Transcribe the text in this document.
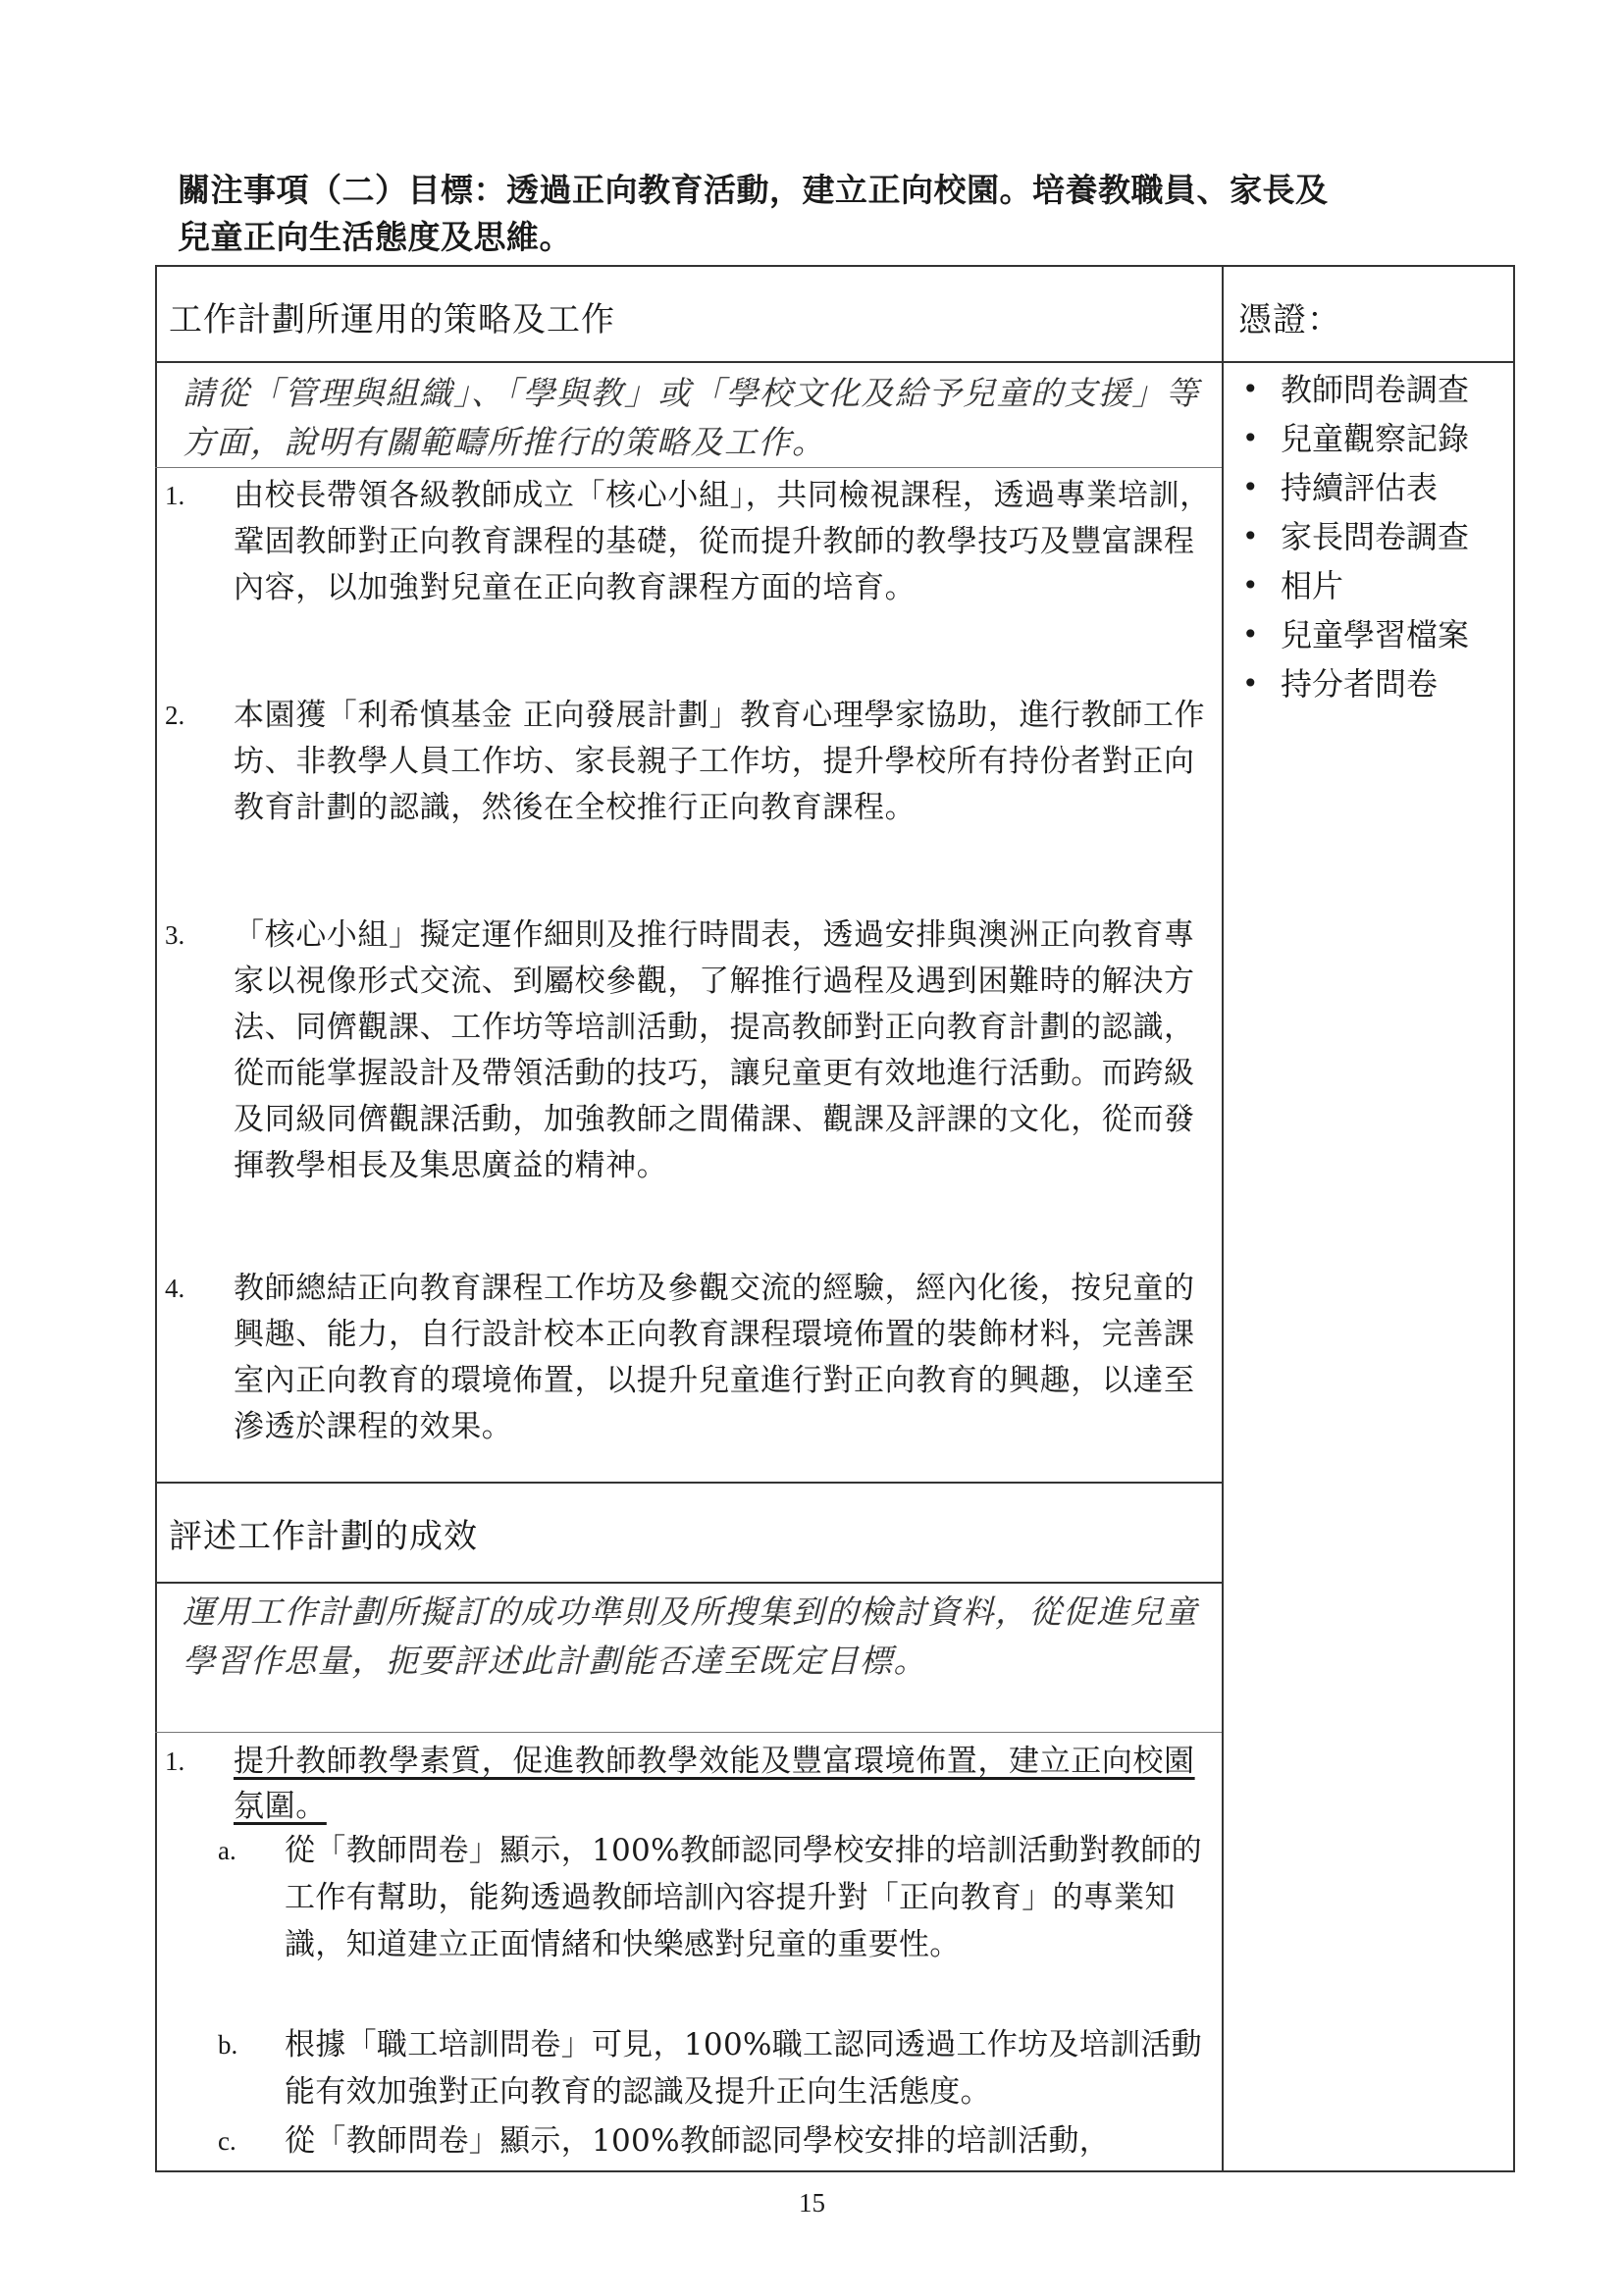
關注事項（二）目標：透過正向教育活動，建立正向校園。培養教職員、家長及
兒童正向生活態度及思維。
工作計劃所運用的策略及工作	憑證：
請從「管理與組織」、「學與教」或「學校文化及給予兒童的支援」等方面，說明有關範疇所推行的策略及工作。
1.	由校長帶領各級教師成立「核心小組」，共同檢視課程，透過專業培訓，鞏固教師對正向教育課程的基礎，從而提升教師的教學技巧及豐富課程內容，以加強對兒童在正向教育課程方面的培育。
2.	本園獲「利希慎基金 正向發展計劃」教育心理學家協助，進行教師工作坊、非教學人員工作坊、家長親子工作坊，提升學校所有持份者對正向教育計劃的認識，然後在全校推行正向教育課程。
3.	「核心小組」擬定運作細則及推行時間表，透過安排與澳洲正向教育專家以視像形式交流、到屬校參觀，了解推行過程及遇到困難時的解決方法、同儕觀課、工作坊等培訓活動，提高教師對正向教育計劃的認識，從而能掌握設計及帶領活動的技巧，讓兒童更有效地進行活動。而跨級及同級同儕觀課活動，加強教師之間備課、觀課及評課的文化，從而發揮教學相長及集思廣益的精神。
4.	教師總結正向教育課程工作坊及參觀交流的經驗，經內化後，按兒童的興趣、能力，自行設計校本正向教育課程環境佈置的裝飾材料，完善課室內正向教育的環境佈置，以提升兒童進行對正向教育的興趣，以達至滲透於課程的效果。
• 教師問卷調查
• 兒童觀察記錄
• 持續評估表
• 家長問卷調查
• 相片
• 兒童學習檔案
• 持分者問卷
評述工作計劃的成效
運用工作計劃所擬訂的成功準則及所搜集到的檢討資料，從促進兒童學習作思量，扼要評述此計劃能否達至既定目標。
1.	提升教師教學素質，促進教師教學效能及豐富環境佈置，建立正向校園氛圍。
a.	從「教師問卷」顯示，100%教師認同學校安排的培訓活動對教師的工作有幫助，能夠透過教師培訓內容提升對「正向教育」的專業知識，知道建立正面情緒和快樂感對兒童的重要性。
b.	根據「職工培訓問卷」可見，100%職工認同透過工作坊及培訓活動能有效加強對正向教育的認識及提升正向生活態度。
c.	從「教師問卷」顯示，100%教師認同學校安排的培訓活動，
15
